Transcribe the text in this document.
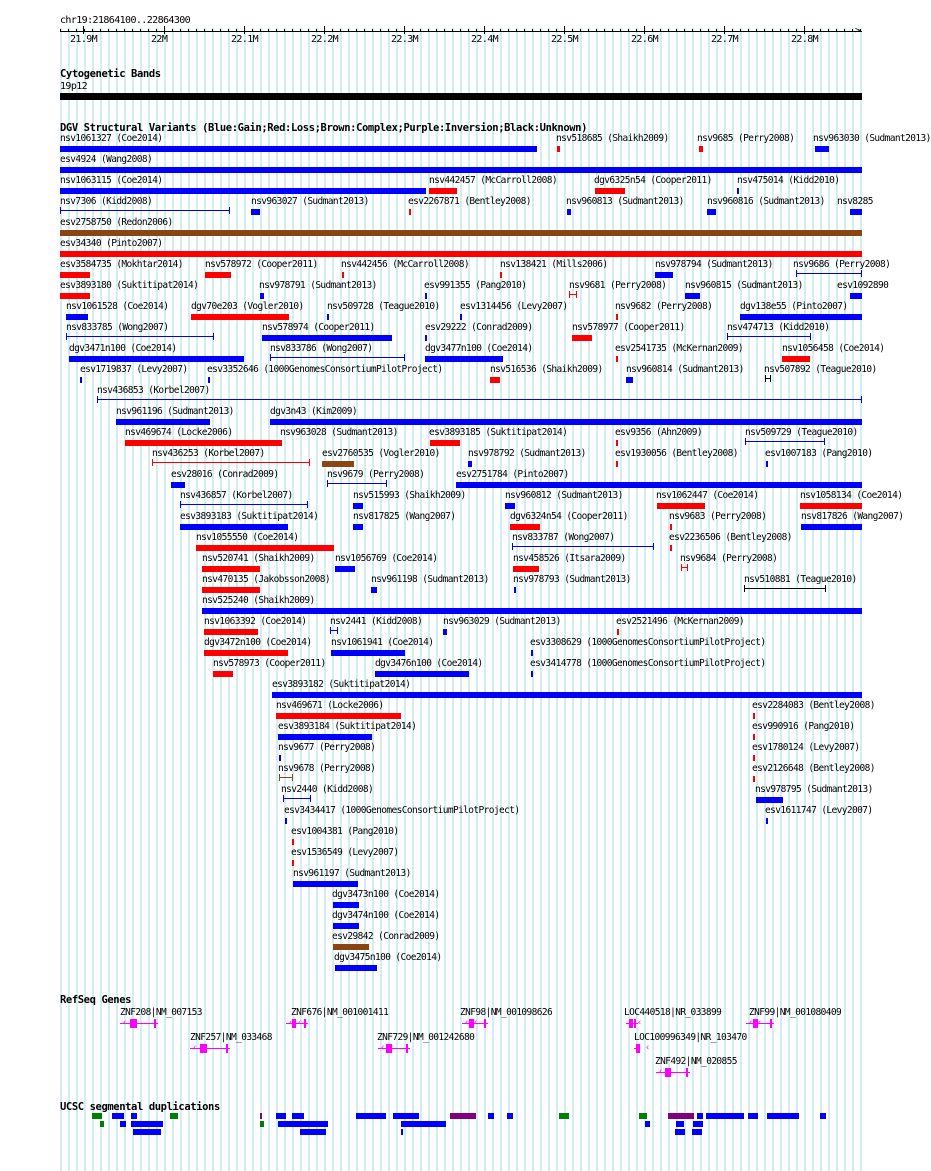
chr19:21864100..22864300
>
21.9M	22M	22.1M	22.2M	22.3M	22.4M	22.5M	22.6M	22.7M	22.8M
Cytogenetic Bands
19p12
DGV Structural Variants (Blue:Gain;Red:Loss;Brown:Complex;Purple:Inversion;Black:Unknown)
nsv1061327 (Coe2014)	nsv518685 (Shaikh2009)	nsv9685 (Perry2008) nsv963030 (Sudmant2013)
esv4924 (Wang2008)
nsv1063115 (Coe2014)	nsv442457 (McCarroll2008)	dgv6325n54 (Cooper2011)	nsv475014 (Kidd2010)
nsv7306 (Kidd2008)	nsv963027 (Sudmant2013)	esv2267871 (Bentley2008)	nsv960813 (Sudmant2013) nsv960816 (Sudmant2013) nsv8285
esv2758750 (Redon2006)
esv34340 (Pinto2007)
esv3584735 (Mokhtar2014) nsv578972 (Cooper2011) nsv442456 (McCarroll2008)	nsv138421 (Mills2006)	nsv978794 (Sudmant2013) nsv9686 (Perry2008)
esv3893180 (Suktitipat2014)	nsv978791 (Sudmant2013)	esv991355 (Pang2010)	nsv9681 (Perry2008) nsv960815 (Sudmant2013)	esv1092890
nsv1061528 (Coe2014) dgv70e203 (Vogler2010) nsv509728 (Teague2010) esv1314456 (Levy2007)	nsv9682 (Perry2008)	dgv138e55 (Pinto2007)
nsv833785 (Wong2007)	nsv578974 (Cooper2011)	esv29222 (Conrad2009)	nsv578977 (Cooper2011)	nsv474713 (Kidd2010)
dgv3471n100 (Coe2014)	nsv833786 (Wong2007)	dgv3477n100 (Coe2014)	esv2541735 (McKernan2009)	nsv1056458 (Coe2014)
esv1719837 (Levy2007) esv3352646 (1000GenomesConsortiumPilotProject)	nsv516536 (Shaikh2009) nsv960814 (Sudmant2013) nsv507892 (Teague2010)
nsv436853 (Korbel2007)
nsv961196 (Sudmant2013)	dgv3n43 (Kim2009)
nsv469674 (Locke2006)	nsv963028 (Sudmant2013)	esv3893185 (Suktitipat2014)	esv9356 (Ahn2009)	nsv509729 (Teague2010)
nsv436253 (Korbel2007)	esv2760535 (Vogler2010)	nsv978792 (Sudmant2013)	esv1930056 (Bentley2008)	esv1007183 (Pang2010)
esv28016 (Conrad2009)	nsv9679 (Perry2008)	esv2751784 (Pinto2007)
nsv436857 (Korbel2007)	nsv515993 (Shaikh2009)	nsv960812 (Sudmant2013)	nsv1062447 (Coe2014)	nsv1058134 (Coe2014)
esv3893183 (Suktitipat2014)	nsv817825 (Wang2007)	dgv6324n54 (Cooper2011)	nsv9683 (Perry2008)	nsv817826 (Wang2007)
nsv1055550 (Coe2014)	nsv833787 (Wong2007)	esv2236506 (Bentley2008)
nsv520741 (Shaikh2009) nsv1056769 (Coe2014)	nsv458526 (Itsara2009)	nsv9684 (Perry2008)
nsv470135 (Jakobsson2008)	nsv961198 (Sudmant2013)	nsv978793 (Sudmant2013)	nsv510881 (Teague2010)
nsv525240 (Shaikh2009)
nsv1063392 (Coe2014) nsv2441 (Kidd2008) nsv963029 (Sudmant2013)	esv2521496 (McKernan2009)
dgv3472n100 (Coe2014) nsv1061941 (Coe2014)	esv3308629 (1000GenomesConsortiumPilotProject)
nsv578973 (Cooper2011)	dgv3476n100 (Coe2014)	esv3414778 (1000GenomesConsortiumPilotProject)
esv3893182 (Suktitipat2014)
nsv469671 (Locke2006)	esv2284083 (Bentley2008)
esv3893184 (Suktitipat2014)	esv990916 (Pang2010)
nsv9677 (Perry2008)	esv1780124 (Levy2007)
nsv9678 (Perry2008)	esv2126648 (Bentley2008)
nsv2440 (Kidd2008)	nsv978795 (Sudmant2013)
esv3434417 (1000GenomesConsortiumPilotProject)	esv1611747 (Levy2007)
esv1004381 (Pang2010)
esv1536549 (Levy2007)
nsv961197 (Sudmant2013)
dgv3473n100 (Coe2014)
dgv3474n100 (Coe2014)
esv29842 (Conrad2009)
dgv3475n100 (Coe2014)
RefSeq Genes
ZNF208|NM_007153
‹ ‹
ZNF676|NM_001001411
‹ ‹
ZNF98|NM_001098626
‹ ‹
LOC440518|NR_033899
‹ ‹
ZNF99|NM_001080409
‹ ‹
ZNF257|NM_033468
‹ ‹
ZNF729|NM_001242680
‹ ‹
LOC100996349|NR_103470
‹ ‹
ZNF492|NM_020855
‹ ‹
UCSC segmental duplications
